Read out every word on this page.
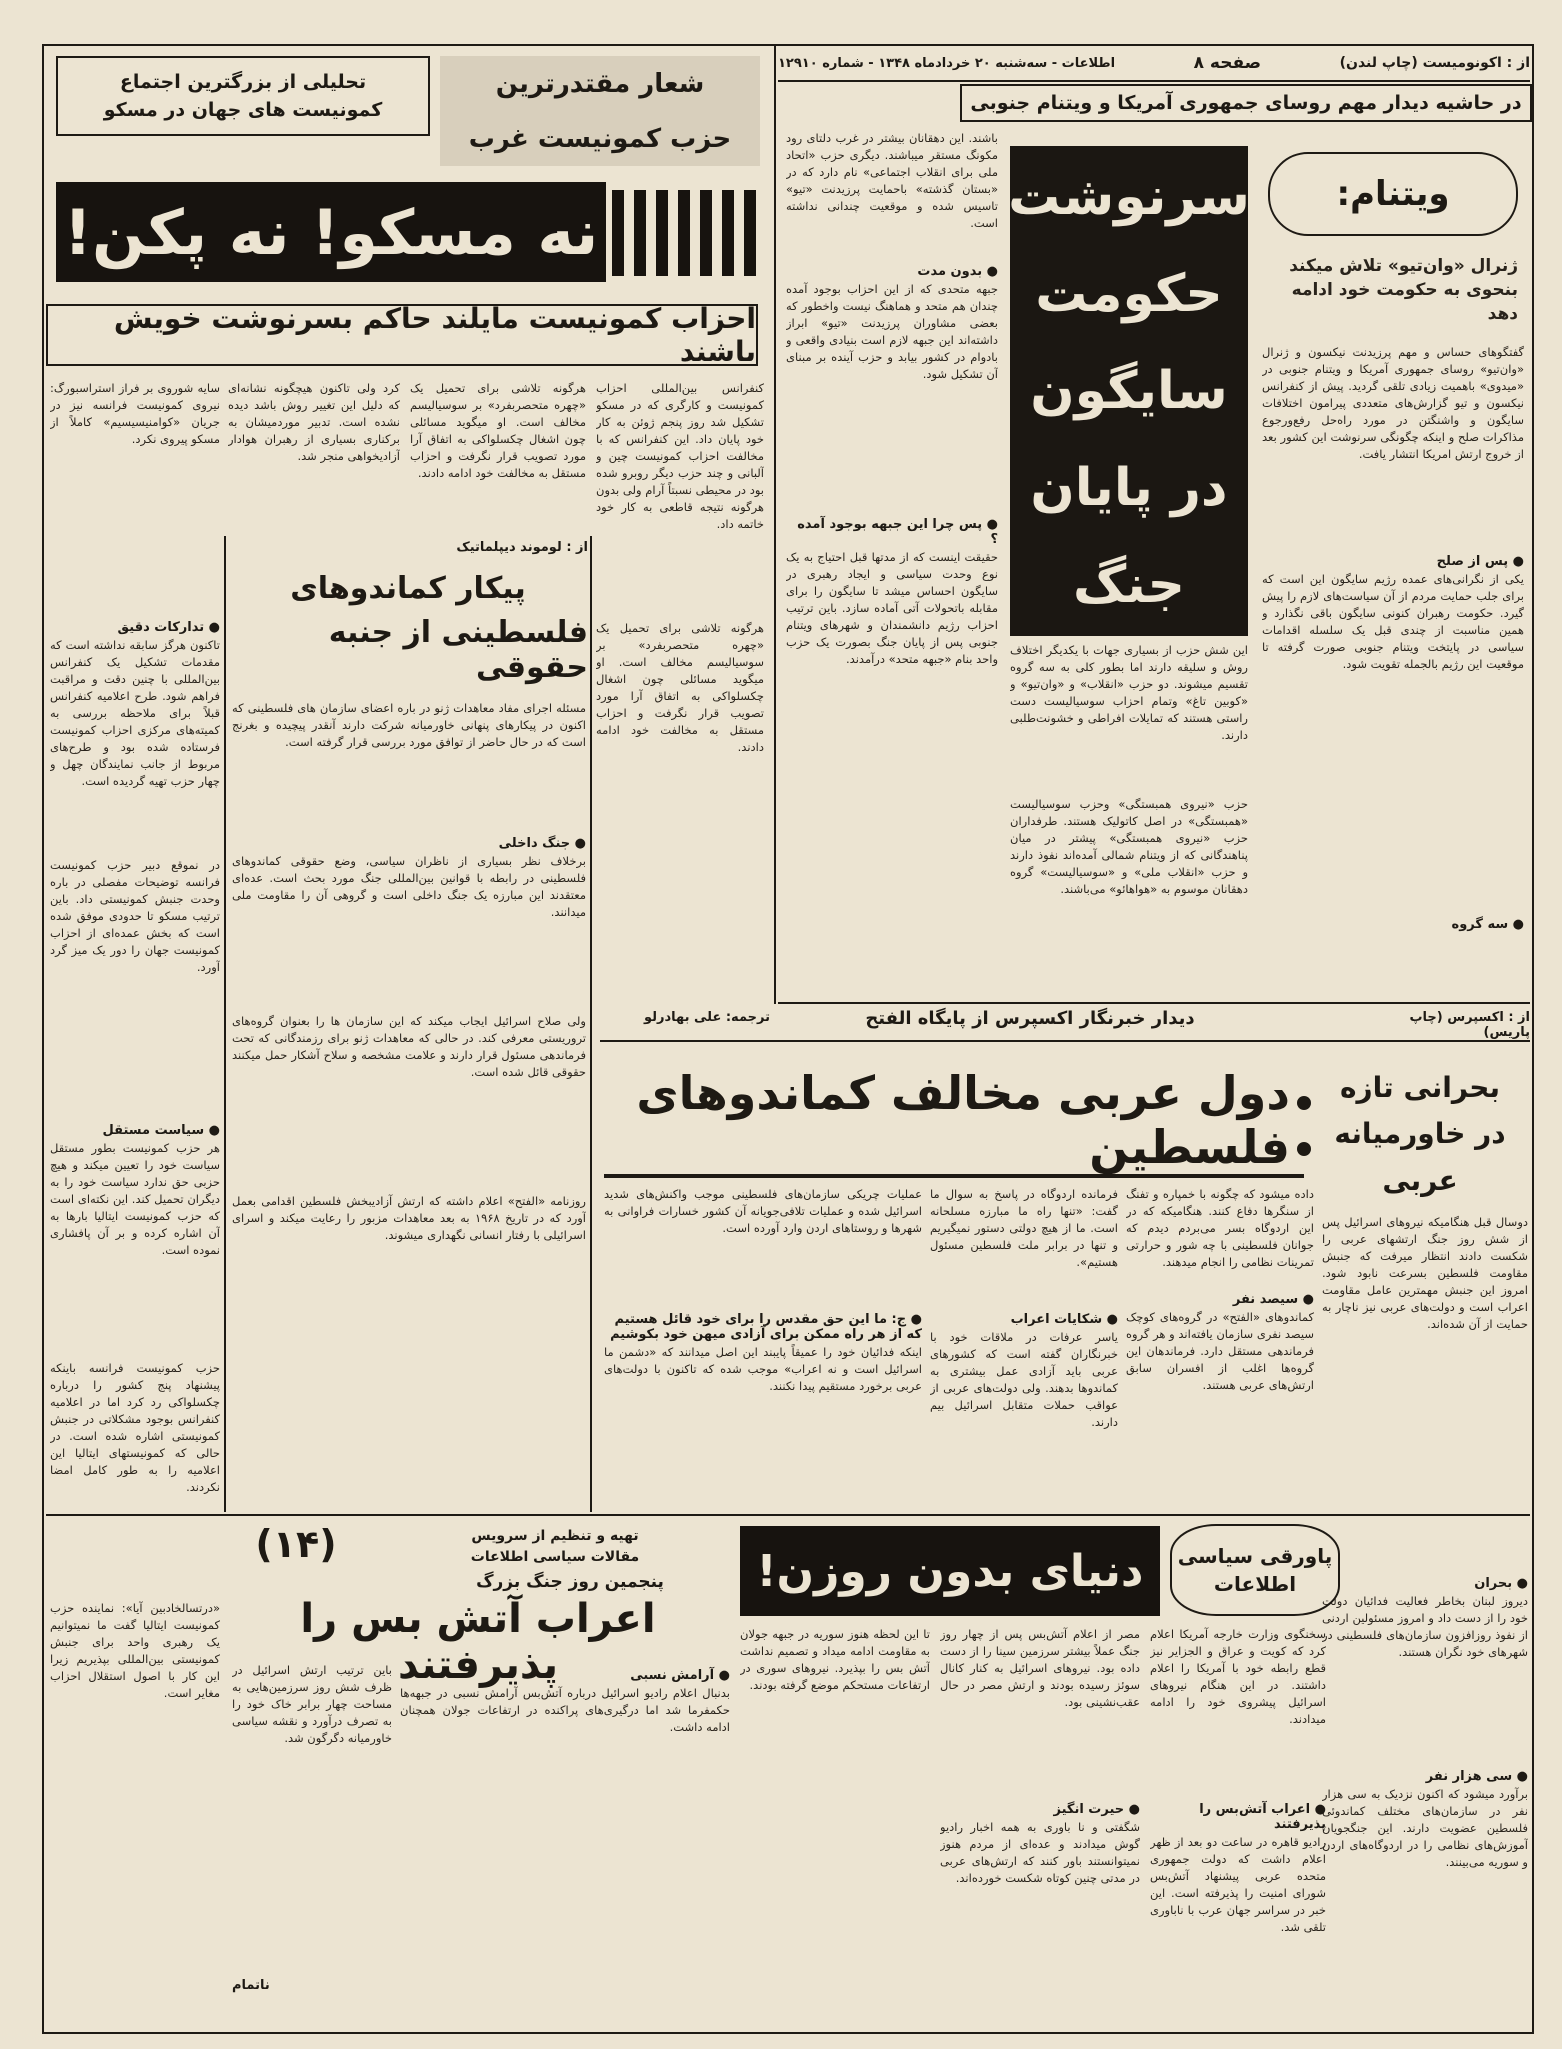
از : اکونومیست (چاپ لندن)
صفحه ۸
اطلاعات - سه‌شنبه ۲۰ خردادماه ۱۳۴۸ - شماره ۱۲۹۱۰
در حاشیه دیدار مهم روسای جمهوری آمریکا و ویتنام جنوبی
ویتنام:
ژنرال «وان‌تیو» تلاش میکند بنحوی به حکومت خود ادامه دهد
گفتگوهای حساس و مهم پرزیدنت نیکسون و ژنرال «وان‌تیو» روسای جمهوری آمریکا و ویتنام جنوبی در «میدوی» باهمیت زیادی تلقی گردید. پیش از کنفرانس نیکسون و تیو گزارش‌های متعددی پیرامون اختلافات سایگون و واشنگتن در مورد راه‌حل رفع‌ورجوع مذاکرات صلح و اینکه چگونگی سرنوشت این کشور بعد از خروج ارتش امریکا انتشار یافت.
● پس از صلح
یکی از نگرانی‌های عمده رژیم سایگون این است که برای جلب حمایت مردم از آن سیاست‌های لازم را پیش گیرد. حکومت رهبران کنونی سایگون باقی نگذارد و همین مناسبت از چندی قبل یک سلسله اقدامات سیاسی در پایتخت ویتنام جنوبی صورت گرفته تا موقعیت این رژیم بالجمله تقویت شود.
● سه گروه
سرنوشت
حکومت
سایگون
در پایان
جنگ
این شش حزب از بسیاری جهات با یکدیگر اختلاف روش و سلیقه دارند اما بطور کلی به سه گروه تقسیم میشوند. دو حزب «انقلاب» و «وان‌تیو» و «کوبین تاغ» وتمام احزاب سوسیالیست دست راستی هستند که تمایلات افراطی و خشونت‌طلبی دارند.
حزب «نیروی همبستگی» وحزب سوسیالیست «همبستگی» در اصل کاتولیک هستند. طرفداران حزب «نیروی همبستگی» پیشتر در میان پناهندگانی که از ویتنام شمالی آمده‌اند نفوذ دارند و حزب «انقلاب ملی» و «سوسیالیست» گروه دهقانان موسوم به «هواهائو» می‌باشند.
باشند. این دهقانان بیشتر در غرب دلتای رود مکونگ مستقر میباشند. دیگری حزب «اتحاد ملی برای انقلاب اجتماعی» نام دارد که در «بستان گذشته» باحمایت پرزیدنت «تیو» تاسیس شده و موقعیت چندانی نداشته است.
● بدون مدت
جبهه متحدی که از این احزاب بوجود آمده چندان هم متحد و هماهنگ نیست واخطور که بعضی مشاوران پرزیدنت «تیو» ابراز داشته‌اند این جبهه لازم است بنیادی واقعی و بادوام در کشور بیابد و حزب آینده بر مبنای آن تشکیل شود.
● پس چرا این جبهه بوجود آمده ؟
حقیقت اینست که از مدتها قبل احتیاج به یک نوع وحدت سیاسی و ایجاد رهبری در سایگون احساس میشد تا سایگون را برای مقابله باتحولات آتی آماده سازد. باین ترتیب احزاب رژیم دانشمندان و شهرهای ویتنام جنوبی پس از پایان جنگ بصورت یک حزب واحد بنام «جبهه متحد» درآمدند.
تحلیلی از بزرگترین اجتماع
کمونیست های جهان در مسکو
شعار مقتدرترین
حزب کمونیست غرب
نه مسکو! نه پکن!
احزاب کمونیست مایلند حاکم بسرنوشت خویش باشند
کنفرانس بین‌المللی احزاب کمونیست و کارگری که در مسکو تشکیل شد روز پنجم ژوئن به کار خود پایان داد. این کنفرانس که با مخالفت احزاب کمونیست چین و آلبانی و چند حزب دیگر روبرو شده بود در محیطی نسبتاً آرام ولی بدون هرگونه نتیجه قاطعی به کار خود خاتمه داد.
هرگونه تلاشی برای تحمیل یک «چهره متحصربفرد» بر سوسیالیسم مخالف است. او میگوید مسائلی چون اشغال چکسلواکی به اتفاق آرا مورد تصویب قرار نگرفت و احزاب مستقل به مخالفت خود ادامه دادند.
کرد ولی تاکنون هیچگونه نشانه‌ای که دلیل این تغییر روش باشد دیده نشده است. تدبیر موردمیشان به برکناری بسیاری از رهبران هوادار آزادیخواهی منجر شد.
سایه شوروی بر فراز استراسبورگ: نیروی کمونیست فرانسه نیز در جریان «کوامنیسیسیم» کاملاً از مسکو پیروی نکرد.
● تدارکات دقیق
تاکنون هرگز سابقه نداشته است که مقدمات تشکیل یک کنفرانس بین‌المللی با چنین دقت و مراقبت فراهم شود. طرح اعلامیه کنفرانس قبلاً برای ملاحظه بررسی به کمیته‌های مرکزی احزاب کمونیست فرستاده شده بود و طرح‌های مربوط از جانب نمایندگان چهل و چهار حزب تهیه گردیده است.
در نموقع دبیر حزب کمونیست فرانسه توضیحات مفصلی در باره وحدت جنبش کمونیستی داد. باین ترتیب مسکو تا حدودی موفق شده است که بخش عمده‌ای از احزاب کمونیست جهان را دور یک میز گرد آورد.
● سیاست مستقل
هر حزب کمونیست بطور مستقل سیاست خود را تعیین میکند و هیچ حزبی حق ندارد سیاست خود را به دیگران تحمیل کند. این نکته‌ای است که حزب کمونیست ایتالیا بارها به آن اشاره کرده و بر آن پافشاری نموده است.
حزب کمونیست فرانسه باینکه پیشنهاد پنج کشور را درباره چکسلواکی رد کرد اما در اعلامیه کنفرانس بوجود مشکلاتی در جنبش کمونیستی اشاره شده است. در حالی که کمونیستهای ایتالیا این اعلامیه را به طور کامل امضا نکردند.
«درتسالخادبین آیا»: نماینده حزب کمونیست ایتالیا گفت ما نمیتوانیم یک رهبری واحد برای جنبش کمونیستی بین‌المللی بپذیریم زیرا این کار با اصول استقلال احزاب مغایر است.

هرگونه تلاشی برای تحمیل یک «چهره متحصربفرد» بر سوسیالیسم مخالف است. او میگوید مسائلی چون اشغال چکسلواکی به اتفاق آرا مورد تصویب قرار نگرفت و احزاب مستقل به مخالفت خود ادامه دادند.

از : لوموند دیپلماتیک
پیکار کماندوهای
فلسطینی از جنبه حقوقی
مسئله اجرای مفاد معاهدات ژنو در باره اعضای سازمان های فلسطینی که اکنون در پیکارهای پنهانی خاورمیانه شرکت دارند آنقدر پیچیده و بغرنج است که در حال حاضر از توافق مورد بررسی قرار گرفته است.
● جنگ داخلی
برخلاف نظر بسیاری از ناظران سیاسی، وضع حقوقی کماندوهای فلسطینی در رابطه با قوانین بین‌المللی جنگ مورد بحث است. عده‌ای معتقدند این مبارزه یک جنگ داخلی است و گروهی آن را مقاومت ملی میدانند.
ولی صلاح اسرائیل ایجاب میکند که این سازمان ها را بعنوان گروه‌های تروریستی معرفی کند. در حالی که معاهدات ژنو برای رزمندگانی که تحت فرماندهی مسئول قرار دارند و علامت مشخصه و سلاح آشکار حمل میکنند حقوقی قائل شده است.
روزنامه «الفتح» اعلام داشته که ارتش آزادیبخش فلسطین اقدامی بعمل آورد که در تاریخ ۱۹۶۸ به بعد معاهدات مزبور را رعایت میکند و اسرای اسرائیلی با رفتار انسانی نگهداری میشوند.
از : اکسپرس (چاپ پاریس)
دیدار خبرنگار اکسپرس از پایگاه الفتح
ترجمه: علی بهادرلو
بحرانی تازه
در خاورمیانه
عربی
دول عربی مخالف کماندوهای فلسطین
دوسال قبل هنگامیکه نیروهای اسرائیل پس از شش روز جنگ ارتشهای عربی را شکست دادند انتظار میرفت که جنبش مقاومت فلسطین بسرعت نابود شود. امروز این جنبش مهمترین عامل مقاومت اعراب است و دولت‌های عربی نیز ناچار به حمایت از آن شده‌اند.
● بحران
دیروز لبنان بخاطر فعالیت فدائیان دولت خود را از دست داد و امروز مسئولین اردنی از نفوذ روزافزون سازمان‌های فلسطینی در شهرهای خود نگران هستند.
● سی هزار نفر
برآورد میشود که اکنون نزدیک به سی هزار نفر در سازمان‌های مختلف کماندوئی فلسطین عضویت دارند. این جنگجویان آموزش‌های نظامی را در اردوگاه‌های اردن و سوریه می‌بینند.
داده میشود که چگونه با خمپاره و تفنگ از سنگرها دفاع کنند. هنگامیکه که در این اردوگاه بسر می‌بردم دیدم که جوانان فلسطینی با چه شور و حرارتی تمرینات نظامی را انجام میدهند.
● سیصد نفر
کماندوهای «الفتح» در گروه‌های کوچک سیصد نفری سازمان یافته‌اند و هر گروه فرماندهی مستقل دارد. فرماندهان این گروه‌ها اغلب از افسران سابق ارتش‌های عربی هستند.
فرمانده اردوگاه در پاسخ به سوال ما گفت: «تنها راه ما مبارزه مسلحانه است. ما از هیچ دولتی دستور نمیگیریم و تنها در برابر ملت فلسطین مسئول هستیم».
● شکایات اعراب
یاسر عرفات در ملاقات خود با خبرنگاران گفته است که کشورهای عربی باید آزادی عمل بیشتری به کماندوها بدهند. ولی دولت‌های عربی از عواقب حملات متقابل اسرائیل بیم دارند.
عملیات چریکی سازمان‌های فلسطینی موجب واکنش‌های شدید اسرائیل شده و عملیات تلافی‌جویانه آن کشور خسارات فراوانی به شهرها و روستاهای اردن وارد آورده است.
● ج: ما این حق مقدس را برای خود قائل هستیم که از هر راه ممکن برای آزادی میهن خود بکوشیم
اینکه فدائیان خود را عمیقاً پایبند این اصل میدانند که «دشمن ما اسرائیل است و نه اعراب» موجب شده که تاکنون با دولت‌های عربی برخورد مستقیم پیدا نکنند.
پاورقی سیاسی
اطلاعات
دنیای بدون روزن!
تهیه و تنظیم از سرویس
مقالات سیاسی اطلاعات
(۱۴)
پنجمین روز جنگ بزرگ
اعراب آتش بس را پذیرفتند
سخنگوی وزارت خارجه آمریکا اعلام کرد که کویت و عراق و الجزایر نیز قطع رابطه خود با آمریکا را اعلام داشتند. در این هنگام نیروهای اسرائیل پیشروی خود را ادامه میدادند.
● اعراب آتش‌بس را پذیرفتند
رادیو قاهره در ساعت دو بعد از ظهر اعلام داشت که دولت جمهوری متحده عربی پیشنهاد آتش‌بس شورای امنیت را پذیرفته است. این خبر در سراسر جهان عرب با ناباوری تلقی شد.
مصر از اعلام آتش‌بس پس از چهار روز جنگ عملاً بیشتر سرزمین سینا را از دست داده بود. نیروهای اسرائیل به کنار کانال سوئز رسیده بودند و ارتش مصر در حال عقب‌نشینی بود.
● حیرت انگیز
شگفتی و نا باوری به همه اخبار رادیو گوش میدادند و عده‌ای از مردم هنوز نمیتوانستند باور کنند که ارتش‌های عربی در مدتی چنین کوتاه شکست خورده‌اند.
تا این لحظه هنوز سوریه در جبهه جولان به مقاومت ادامه میداد و تصمیم نداشت آتش بس را بپذیرد. نیروهای سوری در ارتفاعات مستحکم موضع گرفته بودند.
● آرامش نسبی
بدنبال اعلام رادیو اسرائیل درباره آتش‌بس آرامش نسبی در جبهه‌ها حکمفرما شد اما درگیری‌های پراکنده در ارتفاعات جولان همچنان ادامه داشت.
باین ترتیب ارتش اسرائیل در ظرف شش روز سرزمین‌هایی به مساحت چهار برابر خاک خود را به تصرف درآورد و نقشه سیاسی خاورمیانه دگرگون شد.
ناتمام
